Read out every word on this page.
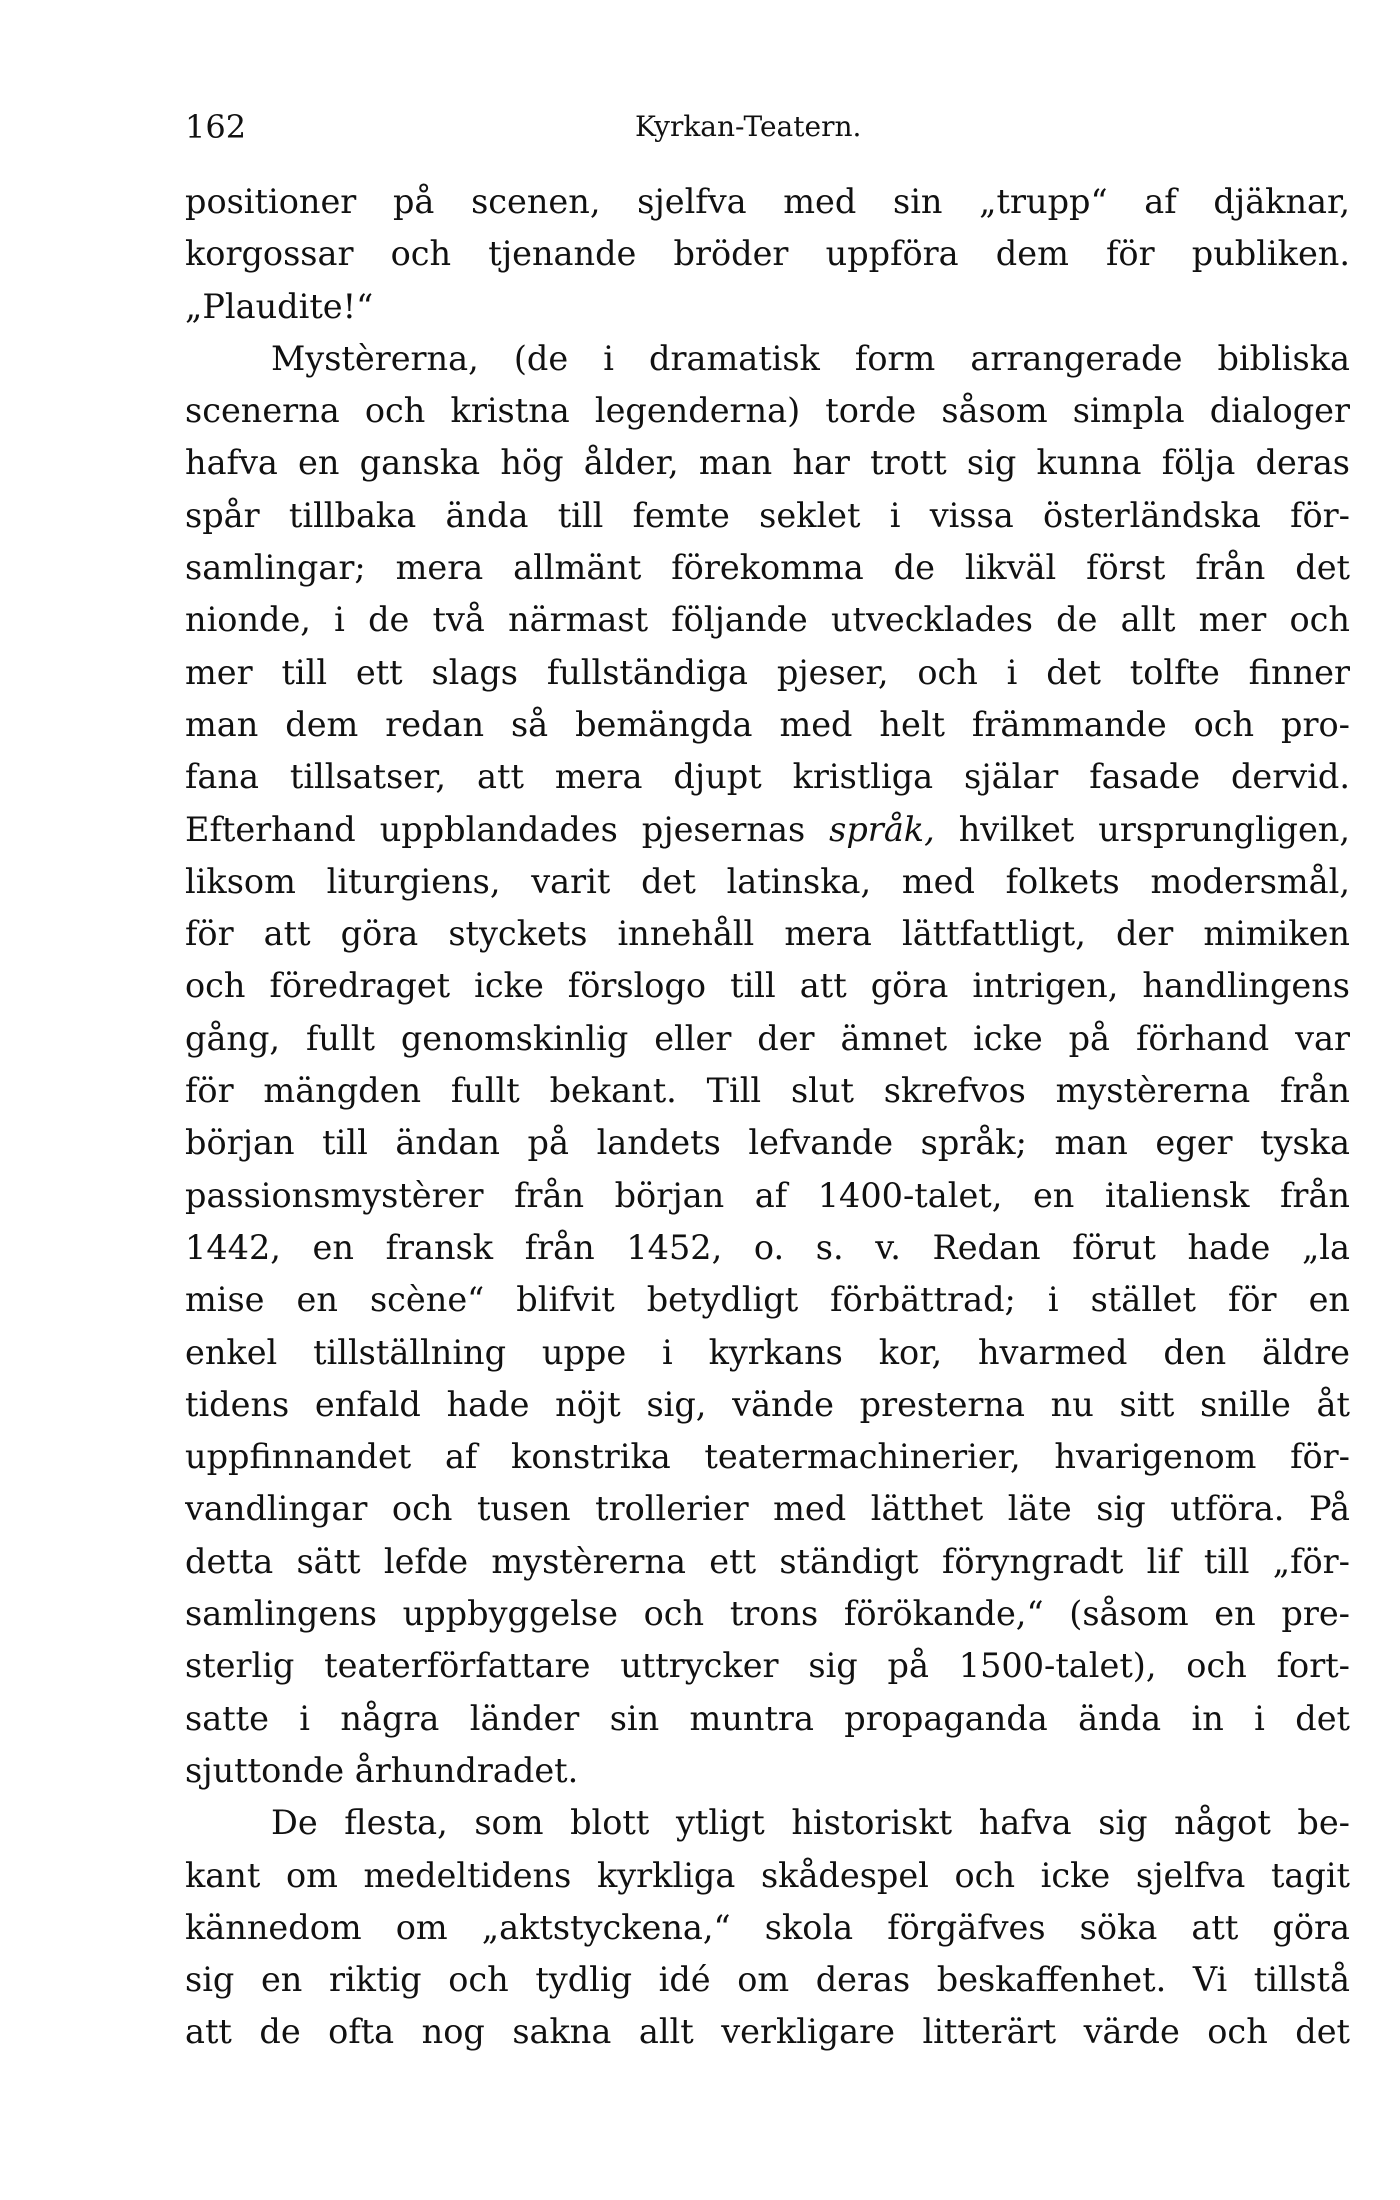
162	Kyrkan-Teatern.
positioner på scenen, sjelfva med sin „trupp“ af djäknar,
korgossar och tjenande bröder uppföra dem för publiken.
„Plaudite!“
Mystèrerna, (de i dramatisk form arrangerade bibliska
scenerna och kristna legenderna) torde såsom simpla dialoger
hafva en ganska hög ålder, man har trott sig kunna följa deras
spår tillbaka ända till femte seklet i vissa österländska för-
samlingar; mera allmänt förekomma de likväl först från det
nionde, i de två närmast följande utvecklades de allt mer och
mer till ett slags fullständiga pjeser, och i det tolfte finner
man dem redan så bemängda med helt främmande och pro-
fana tillsatser, att mera djupt kristliga själar fasade dervid.
Efterhand uppblandades pjesernas språk, hvilket ursprungligen,
liksom liturgiens, varit det latinska, med folkets modersmål,
för att göra styckets innehåll mera lättfattligt, der mimiken
och föredraget icke förslogo till att göra intrigen, handlingens
gång, fullt genomskinlig eller der ämnet icke på förhand var
för mängden fullt bekant. Till slut skrefvos mystèrerna från
början till ändan på landets lefvande språk; man eger tyska
passionsmystèrer från början af 1400-talet, en italiensk från
1442, en fransk från 1452, o. s. v. Redan förut hade „la
mise en scène“ blifvit betydligt förbättrad; i stället för en
enkel tillställning uppe i kyrkans kor, hvarmed den äldre
tidens enfald hade nöjt sig, vände presterna nu sitt snille åt
uppfinnandet af konstrika teatermachinerier, hvarigenom för-
vandlingar och tusen trollerier med lätthet läte sig utföra. På
detta sätt lefde mystèrerna ett ständigt föryngradt lif till „för-
samlingens uppbyggelse och trons förökande,“ (såsom en pre-
sterlig teaterförfattare uttrycker sig på 1500-talet), och fort-
satte i några länder sin muntra propaganda ända in i det
sjuttonde århundradet.
De flesta, som blott ytligt historiskt hafva sig något be-
kant om medeltidens kyrkliga skådespel och icke sjelfva tagit
kännedom om „aktstyckena,“ skola förgäfves söka att göra
sig en riktig och tydlig idé om deras beskaffenhet. Vi tillstå
att de ofta nog sakna allt verkligare litterärt värde och det
